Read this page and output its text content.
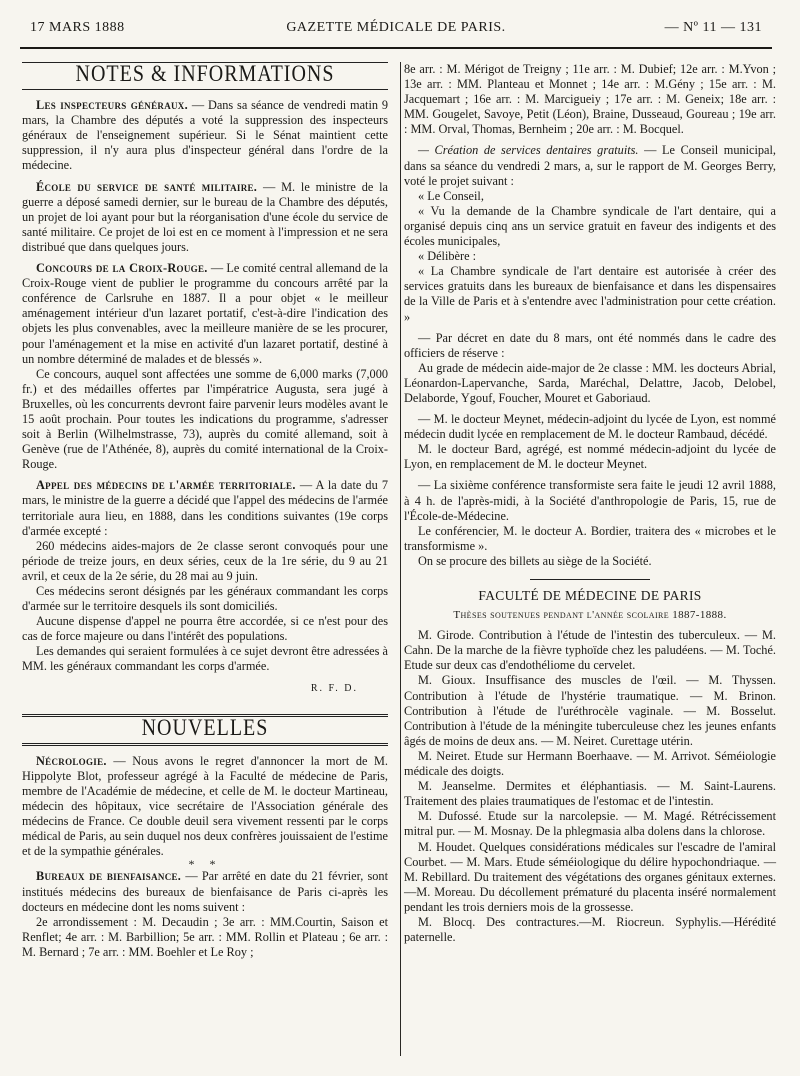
17 MARS 1888	GAZETTE MÉDICALE DE PARIS.	— Nº 11 — 131
NOTES & INFORMATIONS

Les inspecteurs généraux. — Dans sa séance de vendredi matin 9 mars, la Chambre des députés a voté la suppression des inspecteurs généraux de l'enseignement supérieur. Si le Sénat maintient cette suppression, il n'y aura plus d'inspecteur général dans l'ordre de la médecine.

École du service de santé militaire. — M. le ministre de la guerre a déposé samedi dernier, sur le bureau de la Chambre des députés, un projet de loi ayant pour but la réorganisation d'une école du service de santé militaire. Ce projet de loi est en ce moment à l'impression et ne sera distribué que dans quelques jours.

Concours de la Croix-Rouge. — Le comité central allemand de la Croix-Rouge vient de publier le programme du concours arrêté par la conférence de Carlsruhe en 1887. Il a pour objet « le meilleur aménagement intérieur d'un lazaret portatif, c'est-à-dire l'indication des objets les plus convenables, avec la meilleure manière de se les procurer, pour l'aménagement et la mise en activité d'un lazaret portatif, destiné à un nombre déterminé de malades et de blessés ».

Ce concours, auquel sont affectées une somme de 6,000 marks (7,000 fr.) et des médailles offertes par l'impératrice Augusta, sera jugé à Bruxelles, où les concurrents devront faire parvenir leurs modèles avant le 15 août prochain. Pour toutes les indications du programme, s'adresser soit à Berlin (Wilhelmstrasse, 73), auprès du comité allemand, soit à Genève (rue de l'Athénée, 8), auprès du comité international de la Croix-Rouge.

Appel des médecins de l'armée territoriale. — A la date du 7 mars, le ministre de la guerre a décidé que l'appel des médecins de l'armée territoriale aura lieu, en 1888, dans les conditions suivantes (19e corps d'armée excepté :

260 médecins aides-majors de 2e classe seront convoqués pour une période de treize jours, en deux séries, ceux de la 1re série, du 9 au 21 avril, et ceux de la 2e série, du 28 mai au 9 juin.

Ces médecins seront désignés par les généraux commandant les corps d'armée sur le territoire desquels ils sont domiciliés.

Aucune dispense d'appel ne pourra être accordée, si ce n'est pour des cas de force majeure ou dans l'intérêt des populations.

Les demandes qui seraient formulées à ce sujet devront être adressées à MM. les généraux commandant les corps d'armée.

R. F. D.
NOUVELLES

Nécrologie. — Nous avons le regret d'annoncer la mort de M. Hippolyte Blot, professeur agrégé à la Faculté de médecine de Paris, membre de l'Académie de médecine, et celle de M. le docteur Martineau, médecin des hôpitaux, vice secrétaire de l'Association générale des médecins de France. Ce double deuil sera vivement ressenti par le corps médical de Paris, au sein duquel nos deux confrères jouissaient de l'estime et de la sympathie générales.

* *

Bureaux de bienfaisance. — Par arrêté en date du 21 février, sont institués médecins des bureaux de bienfaisance de Paris ci-après les docteurs en médecine dont les noms suivent :

2e arrondissement : M. Decaudin ; 3e arr. : MM.Courtin, Saison et Renflet; 4e arr. : M. Barbillion; 5e arr. : MM. Rollin et Plateau ; 6e arr. : M. Bernard ; 7e arr. : MM. Boehler et Le Roy ;

8e arr. : M. Mérigot de Treigny ; 11e arr. : M. Dubief; 12e arr. : M.Yvon ; 13e arr. : MM. Planteau et Monnet ; 14e arr. : M.Gény ; 15e arr. : M. Jacquemart ; 16e arr. : M. Marcigueiy ; 17e arr. : M. Geneix; 18e arr. : MM. Gougelet, Savoye, Petit (Léon), Braine, Dusseaud, Goureau ; 19e arr. : MM. Orval, Thomas, Bernheim ; 20e arr. : M. Bocquel.

— Création de services dentaires gratuits. — Le Conseil municipal, dans sa séance du vendredi 2 mars, a, sur le rapport de M. Georges Berry, voté le projet suivant :

« Le Conseil,

« Vu la demande de la Chambre syndicale de l'art dentaire, qui a organisé depuis cinq ans un service gratuit en faveur des indigents et des écoles municipales,

« Délibère :

« La Chambre syndicale de l'art dentaire est autorisée à créer des services gratuits dans les bureaux de bienfaisance et dans les dispensaires de la Ville de Paris et à s'entendre avec l'administration pour cette création. »

— Par décret en date du 8 mars, ont été nommés dans le cadre des officiers de réserve :

Au grade de médecin aide-major de 2e classe : MM. les docteurs Abrial, Léonardon-Lapervanche, Sarda, Maréchal, Delattre, Jacob, Delobel, Delaborde, Ygouf, Foucher, Mouret et Gaboriaud.

— M. le docteur Meynet, médecin-adjoint du lycée de Lyon, est nommé médecin dudit lycée en remplacement de M. le docteur Rambaud, décédé.

M. le docteur Bard, agrégé, est nommé médecin-adjoint du lycée de Lyon, en remplacement de M. le docteur Meynet.

— La sixième conférence transformiste sera faite le jeudi 12 avril 1888, à 4 h. de l'après-midi, à la Société d'anthropologie de Paris, 15, rue de l'École-de-Médecine.

Le conférencier, M. le docteur A. Bordier, traitera des « microbes et le transformisme ».

On se procure des billets au siège de la Société.

FACULTÉ DE MÉDECINE DE PARIS
Thèses soutenues pendant l'année scolaire 1887-1888.

M. Girode. Contribution à l'étude de l'intestin des tuberculeux. — M. Cahn. De la marche de la fièvre typhoïde chez les paludéens. — M. Toché. Etude sur deux cas d'endothéliome du cervelet.

M. Gioux. Insuffisance des muscles de l'œil. — M. Thyssen. Contribution à l'étude de l'hystérie traumatique. — M. Brinon. Contribution à l'étude de l'uréthrocèle vaginale. — M. Bosselut. Contribution à l'étude de la méningite tuberculeuse chez les jeunes enfants âgés de moins de deux ans. — M. Neiret. Curettage utérin.

M. Neiret. Etude sur Hermann Boerhaave. — M. Arrivot. Séméiologie médicale des doigts.

M. Jeanselme. Dermites et éléphantiasis. — M. Saint-Laurens. Traitement des plaies traumatiques de l'estomac et de l'intestin.

M. Dufossé. Etude sur la narcolepsie. — M. Magé. Rétrécissement mitral pur. — M. Mosnay. De la phlegmasia alba dolens dans la chlorose.

M. Houdet. Quelques considérations médicales sur l'escadre de l'amiral Courbet. — M. Mars. Etude séméiologique du délire hypochondriaque. — M. Rebillard. Du traitement des végétations des organes génitaux externes.—M. Moreau. Du décollement prématuré du placenta inséré normalement pendant les trois derniers mois de la grossesse.

M. Blocq. Des contractures.—M. Riocreun. Syphylis.—Hérédité paternelle.
